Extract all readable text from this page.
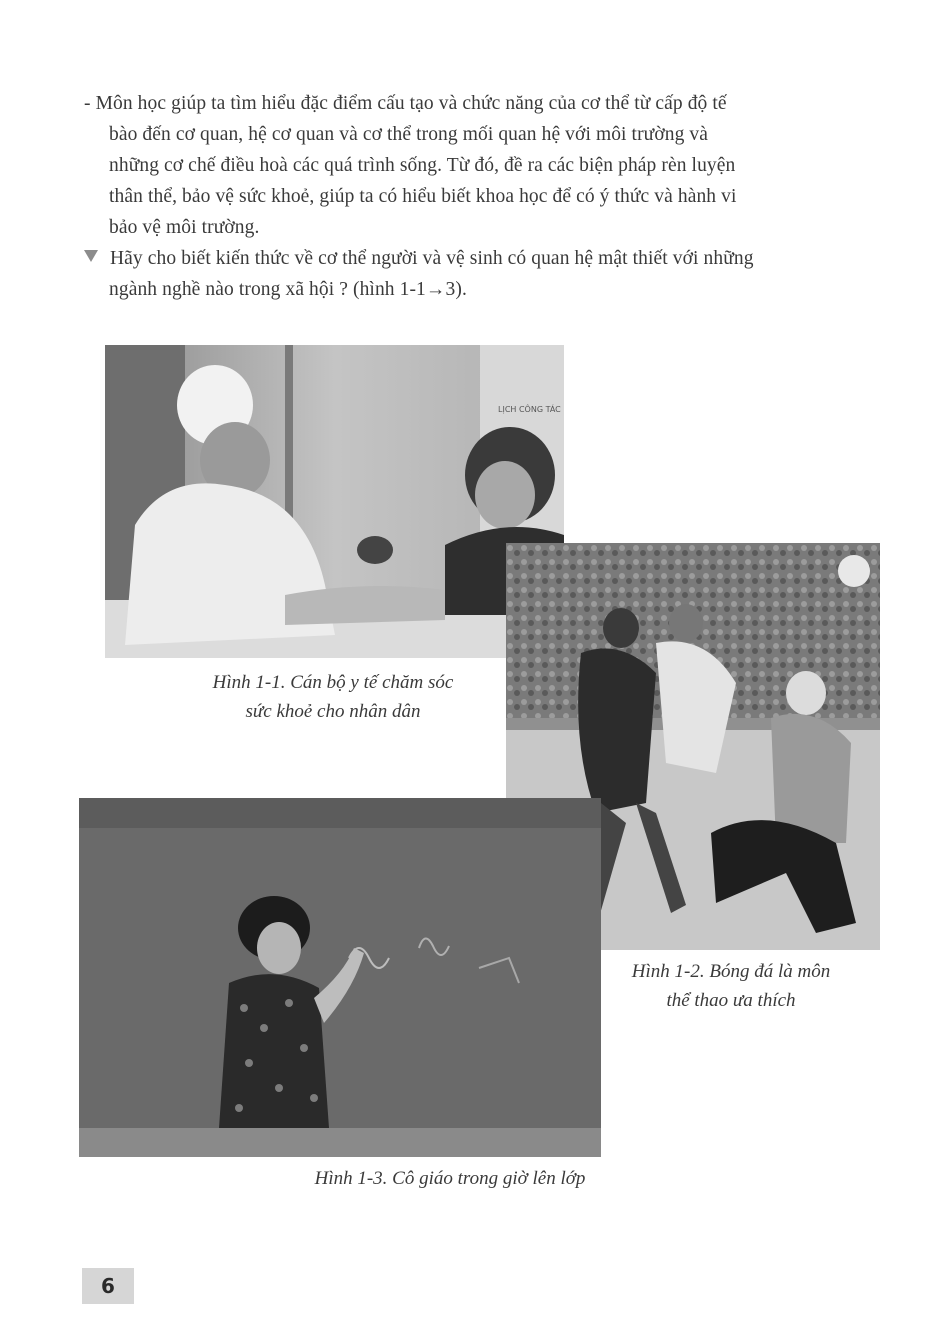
- Môn học giúp ta tìm hiểu đặc điểm cấu tạo và chức năng của cơ thể từ cấp độ tế
bào đến cơ quan, hệ cơ quan và cơ thể trong mối quan hệ với môi trường và
những cơ chế điều hoà các quá trình sống. Từ đó, đề ra các biện pháp rèn luyện
thân thể, bảo vệ sức khoẻ, giúp ta có hiểu biết khoa học để có ý thức và hành vi
bảo vệ môi trường.
Hãy cho biết kiến thức về cơ thể người và vệ sinh có quan hệ mật thiết với những
ngành nghề nào trong xã hội ? (hình 1-1→3).
LỊCH CÔNG TÁC
Hình 1-1. Cán bộ y tế chăm sóc
sức khoẻ cho nhân dân
Hình 1-2. Bóng đá là môn
thể thao ưa thích
Hình 1-3. Cô giáo trong giờ lên lớp
6
